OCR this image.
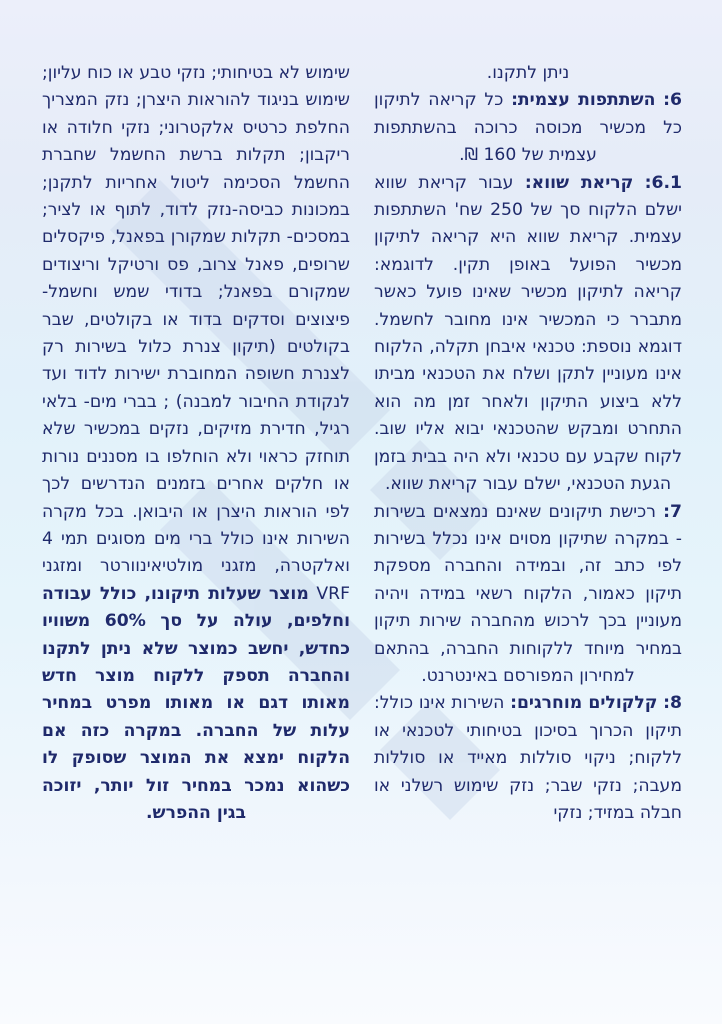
ניתן לתקנו.

6: השתתפות עצמית: כל קריאה לתיקון כל מכשיר מכוסה כרוכה בהשתתפות עצמית של 160 ₪.

6.1: קריאת שווא: עבור קריאת שווא ישלם הלקוח סך של 250 שח' השתתפות עצמית. קריאת שווא היא קריאה לתיקון מכשיר הפועל באופן תקין. לדוגמא: קריאה לתיקון מכשיר שאינו פועל כאשר מתברר כי המכשיר אינו מחובר לחשמל. דוגמא נוספת: טכנאי איבחן תקלה, הלקוח אינו מעוניין לתקן ושלח את הטכנאי מביתו ללא ביצוע התיקון ולאחר זמן מה הוא התחרט ומבקש שהטכנאי יבוא אליו שוב. לקוח שקבע עם טכנאי ולא היה בבית בזמן הגעת הטכנאי, ישלם עבור קריאת שווא.

7: רכישת תיקונים שאינם נמצאים בשירות - במקרה שתיקון מסוים אינו נכלל בשירות לפי כתב זה, ובמידה והחברה מספקת תיקון כאמור, הלקוח רשאי במידה ויהיה מעוניין בכך לרכוש מהחברה שירות תיקון במחיר מיוחד ללקוחות החברה, בהתאם למחירון המפורסם באינטרנט.

8: קלקולים מוחרגים: השירות אינו כולל: תיקון הכרוך בסיכון בטיחותי לטכנאי או ללקוח; ניקוי סוללות מאייד או סוללות מעבה; נזקי שבר; נזק שימוש רשלני או חבלה במזיד; נזקי

שימוש לא בטיחותי; נזקי טבע או כוח עליון; שימוש בניגוד להוראות היצרן; נזק המצריך החלפת כרטיס אלקטרוני; נזקי חלודה או ריקבון; תקלות ברשת החשמל שחברת החשמל הסכימה ליטול אחריות לתקנן; במכונות כביסה-נזק לדוד, לתוף או לציר; במסכים- תקלות שמקורן בפאנל, פיקסלים שרופים, פאנל צרוב, פס ורטיקל וריצודים שמקורם בפאנל; בדודי שמש וחשמל- פיצוצים וסדקים בדוד או בקולטים, שבר בקולטים (תיקון צנרת כלול בשירות רק לצנרת חשופה המחוברת ישירות לדוד ועד לנקודת החיבור למבנה) ; בברי מים- בלאי רגיל, חדירת מזיקים, נזקים במכשיר שלא תוחזק כראוי ולא הוחלפו בו מסננים נורות או חלקים אחרים בזמנים הנדרשים לכך לפי הוראות היצרן או היבואן. בכל מקרה השירות אינו כולל ברי מים מסוגים תמי 4 ואלקטרה, מזגני מולטיאינוורטר ומזגני VRF מוצר שעלות תיקונו, כולל עבודה וחלפים, עולה על סך 60% משוויו כחדש, יחשב כמוצר שלא ניתן לתקנו והחברה תספק ללקוח מוצר חדש מאותו דגם או מאותו מפרט במחיר עלות של החברה. במקרה כזה אם הלקוח ימצא את המוצר שסופק לו כשהוא נמכר במחיר זול יותר, יזוכה בגין ההפרש.
